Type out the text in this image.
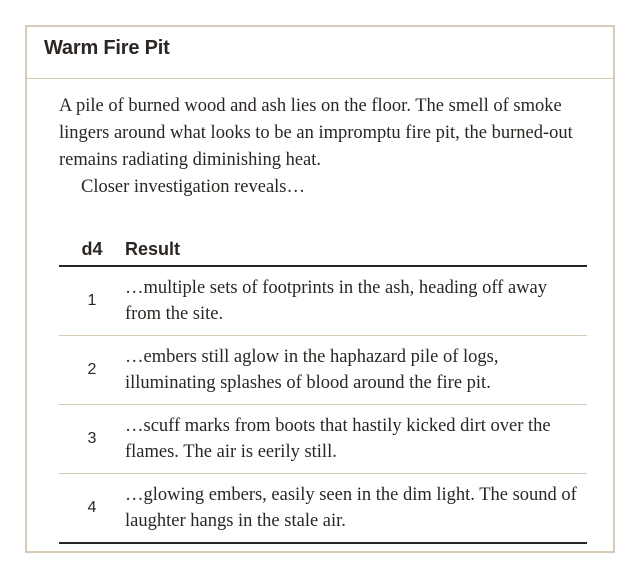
Warm Fire Pit

A pile of burned wood and ash lies on the floor. The smell of smoke lingers around what looks to be an impromptu fire pit, the burned-out remains radiating diminishing heat.

Closer investigation reveals…

d4	Result
1	…multiple sets of footprints in the ash, heading off away from the site.
2	…embers still aglow in the haphazard pile of logs, illuminating splashes of blood around the fire pit.
3	…scuff marks from boots that hastily kicked dirt over the flames. The air is eerily still.
4	…glowing embers, easily seen in the dim light. The sound of laughter hangs in the stale air.
